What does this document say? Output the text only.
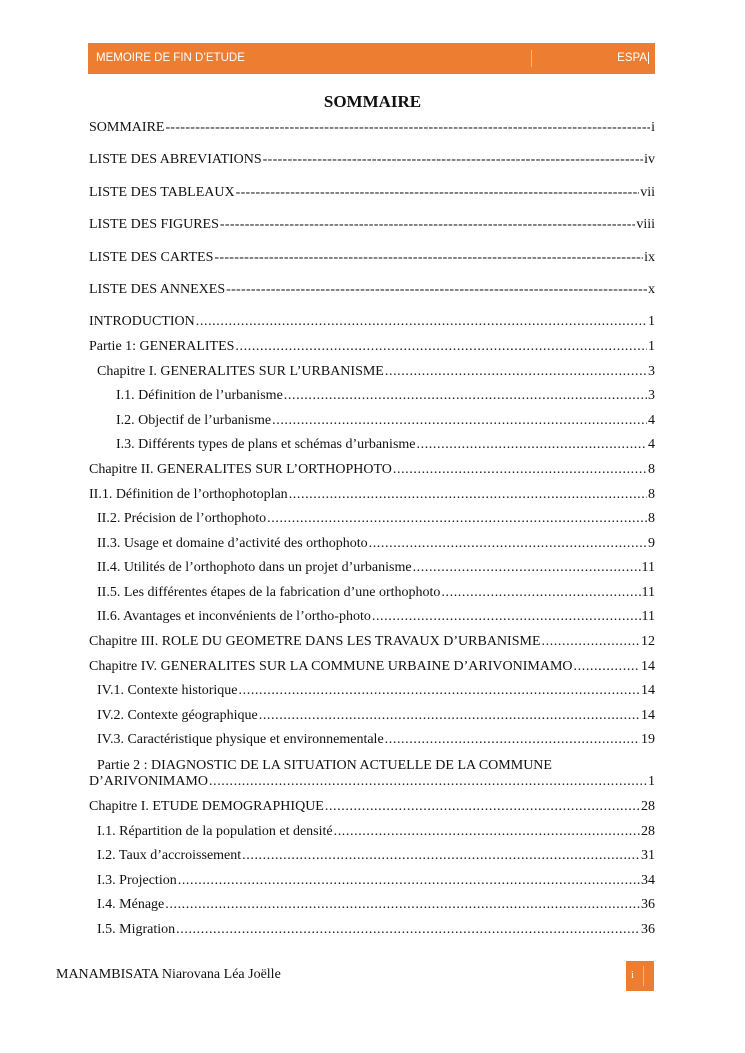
MEMOIRE DE FIN D’ETUDE	ESPA
SOMMAIRE
SOMMAIRE -----	i
LISTE DES ABREVIATIONS -----	iv
LISTE DES TABLEAUX -----	vii
LISTE DES FIGURES -----	viii
LISTE DES CARTES -----	ix
LISTE DES ANNEXES -----	x
INTRODUCTION .....	1
Partie 1: GENERALITES .....	1
Chapitre I. GENERALITES SUR L’URBANISME .....	3
I.1. Définition de l’urbanisme .....	3
I.2. Objectif de l’urbanisme .....	4
I.3. Différents types de plans et schémas d’urbanisme .....	4
Chapitre II. GENERALITES SUR L’ORTHOPHOTO .....	8
II.1. Définition de l’orthophotoplan .....	8
II.2. Précision de l’orthophoto .....	8
II.3. Usage et domaine d’activité des orthophoto .....	9
II.4. Utilités de l’orthophoto dans un projet d’urbanisme .....	11
II.5. Les différentes étapes de la fabrication d’une orthophoto .....	11
II.6. Avantages et inconvénients de l’ortho-photo .....	11
Chapitre III. ROLE DU GEOMETRE DANS LES TRAVAUX D’URBANISME .....	12
Chapitre IV. GENERALITES SUR LA COMMUNE URBAINE D’ARIVONIMAMO .....	14
IV.1. Contexte historique .....	14
IV.2. Contexte géographique .....	14
IV.3. Caractéristique physique et environnementale .....	19
Partie 2 : DIAGNOSTIC DE LA SITUATION ACTUELLE DE LA COMMUNE
D’ARIVONIMAMO .....	1
Chapitre I. ETUDE DEMOGRAPHIQUE .....	28
I.1. Répartition de la population et densité .....	28
I.2. Taux d’accroissement .....	31
I.3. Projection .....	34
I.4. Ménage .....	36
I.5. Migration .....	36
MANAMBISATA Niarovana Léa Joëlle	i
